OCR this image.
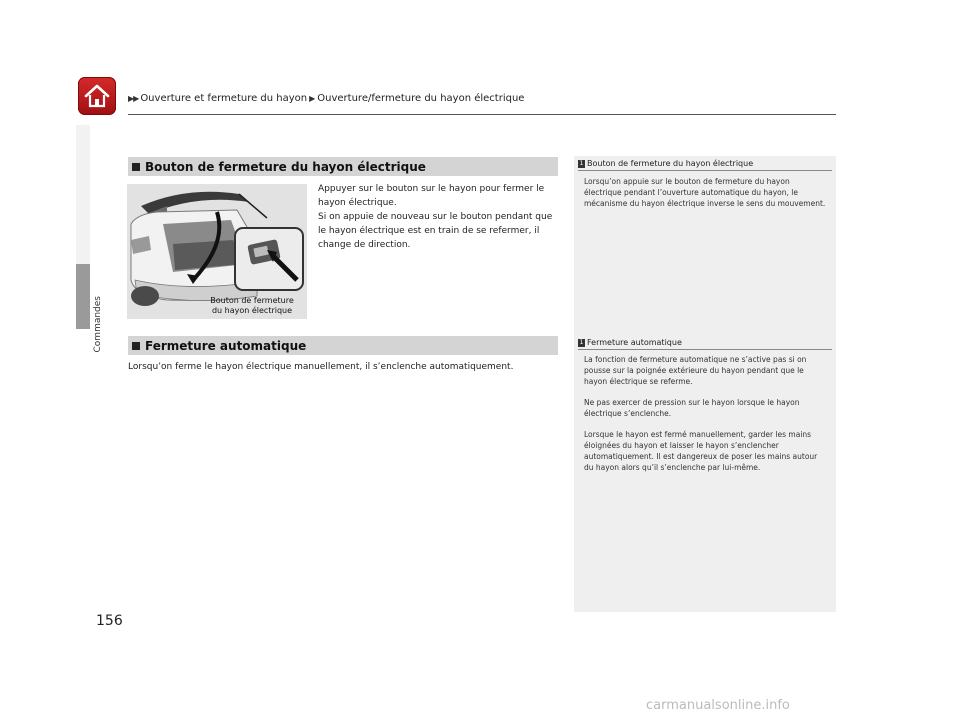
▶▶ Ouverture et fermeture du hayon ▶ Ouverture/fermeture du hayon électrique
Commandes
Bouton de fermeture du hayon électrique
Bouton de fermeture
du hayon électrique

Appuyer sur le bouton sur le hayon pour fermer le hayon électrique.

Si on appuie de nouveau sur le bouton pendant que le hayon électrique est en train de se refermer, il change de direction.

Fermeture automatique
Lorsqu’on ferme le hayon électrique manuellement, il s’enclenche automatiquement.
1 Bouton de fermeture du hayon électrique

Lorsqu’on appuie sur le bouton de fermeture du hayon électrique pendant l’ouverture automatique du hayon, le mécanisme du hayon électrique inverse le sens du mouvement.

1 Fermeture automatique

La fonction de fermeture automatique ne s’active pas si on pousse sur la poignée extérieure du hayon pendant que le hayon électrique se referme.

Ne pas exercer de pression sur le hayon lorsque le hayon électrique s’enclenche.

Lorsque le hayon est fermé manuellement, garder les mains éloignées du hayon et laisser le hayon s’enclencher automatiquement. Il est dangereux de poser les mains autour du hayon alors qu’il s’enclenche par lui-même.

156
carmanualsonline.info
